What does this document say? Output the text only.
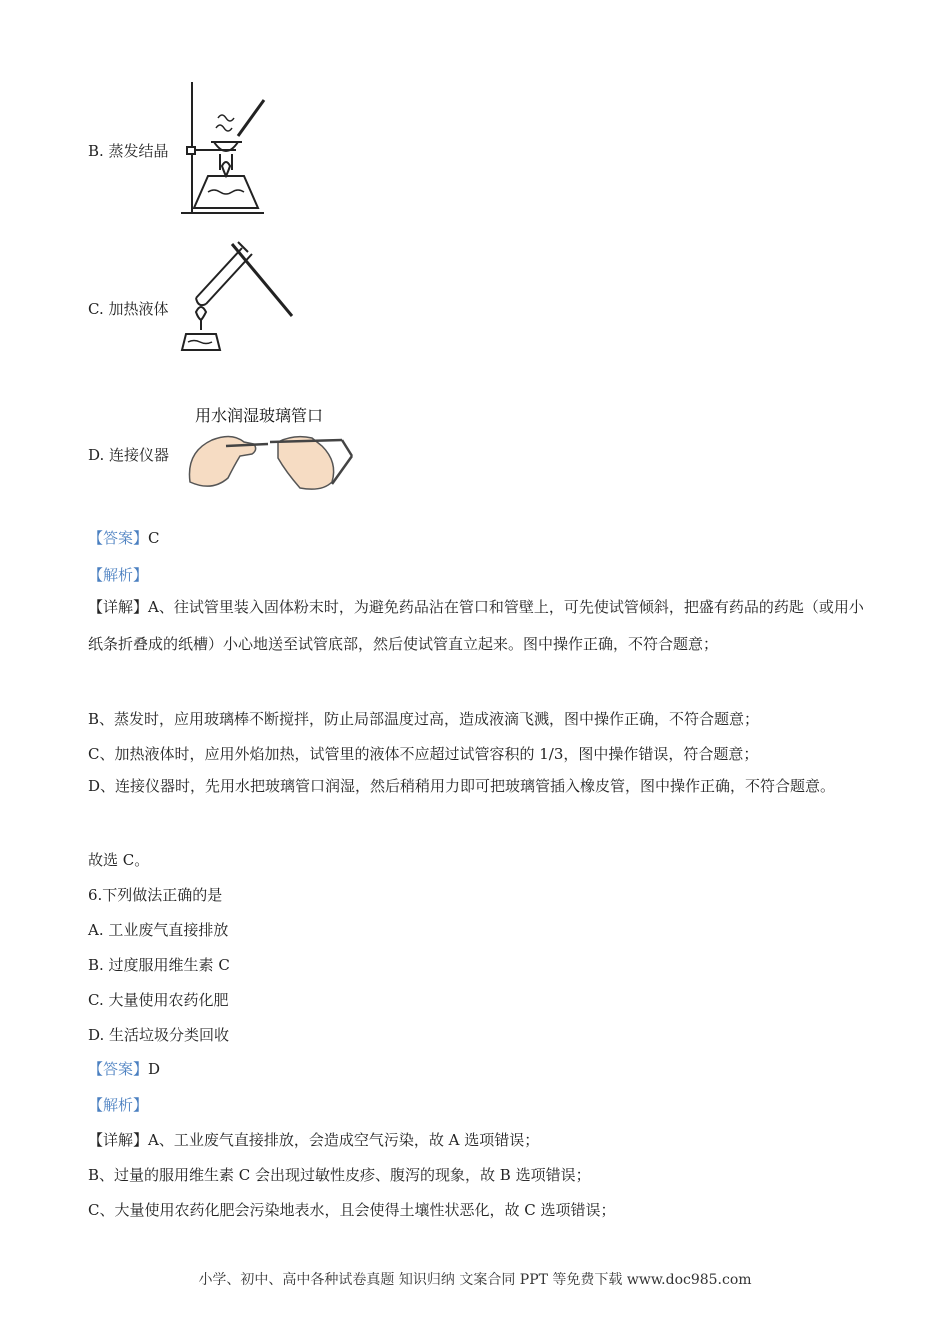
B. 蒸发结晶
C. 加热液体
用水润湿玻璃管口
D. 连接仪器
【答案】C
【解析】
【详解】A、往试管里装入固体粉末时，为避免药品沾在管口和管壁上，可先使试管倾斜，把盛有药品的药匙（或用小纸条折叠成的纸槽）小心地送至试管底部，然后使试管直立起来。图中操作正确，不符合题意；
B、蒸发时，应用玻璃棒不断搅拌，防止局部温度过高，造成液滴飞溅，图中操作正确，不符合题意；
C、加热液体时，应用外焰加热，试管里的液体不应超过试管容积的 1/3，图中操作错误，符合题意；
D、连接仪器时，先用水把玻璃管口润湿，然后稍稍用力即可把玻璃管插入橡皮管，图中操作正确，不符合题意。
故选 C。
6.下列做法正确的是
A. 工业废气直接排放
B. 过度服用维生素 C
C. 大量使用农药化肥
D. 生活垃圾分类回收
【答案】D
【解析】
【详解】A、工业废气直接排放，会造成空气污染，故 A 选项错误；
B、过量的服用维生素 C 会出现过敏性皮疹、腹泻的现象，故 B 选项错误；
C、大量使用农药化肥会污染地表水，且会使得土壤性状恶化，故 C 选项错误；
小学、初中、高中各种试卷真题 知识归纳 文案合同 PPT 等免费下载 www.doc985.com
